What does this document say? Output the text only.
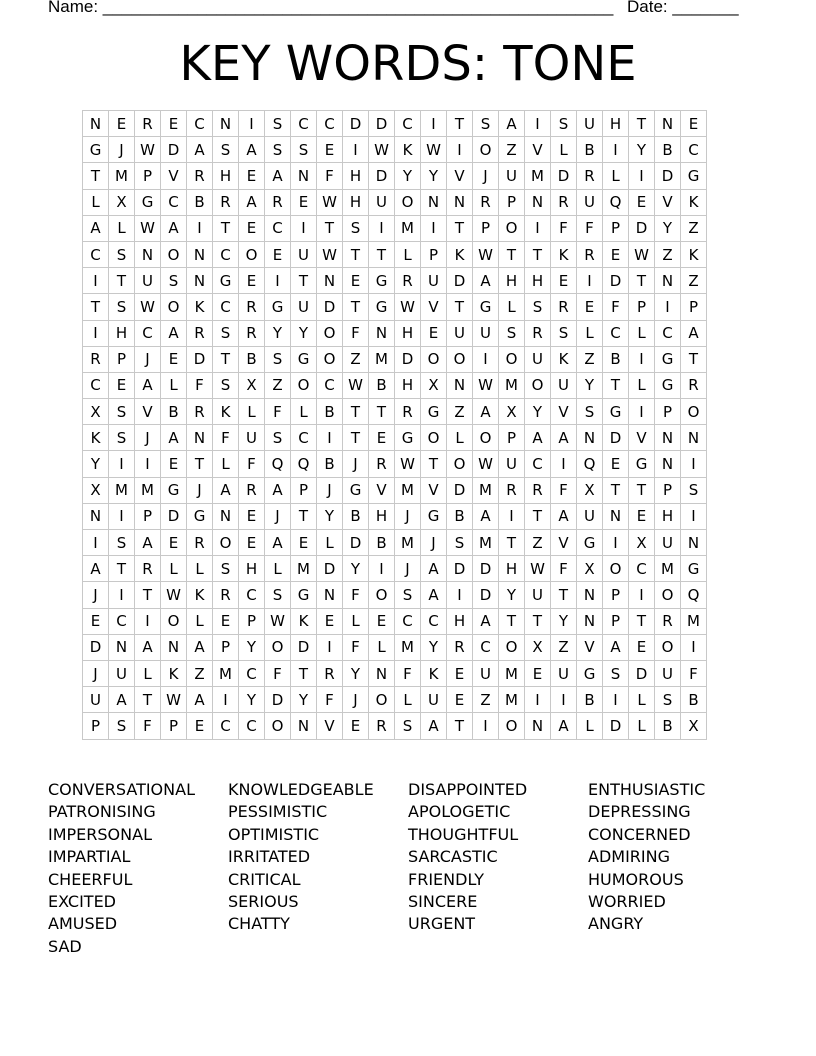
Name: ______________________________________________________ Date: _______
KEY WORDS: TONE
N	E	R	E	C	N	I	S	C	C	D	D	C	I	T	S	A	I	S	U	H	T	N	E
G	J	W	D	A	S	A	S	S	E	I	W	K	W	I	O	Z	V	L	B	I	Y	B	C
T	M	P	V	R	H	E	A	N	F	H	D	Y	Y	V	J	U	M	D	R	L	I	D	G
L	X	G	C	B	R	A	R	E	W	H	U	O	N	N	R	P	N	R	U	Q	E	V	K
A	L	W	A	I	T	E	C	I	T	S	I	M	I	T	P	O	I	F	F	P	D	Y	Z
C	S	N	O	N	C	O	E	U	W	T	T	L	P	K	W	T	T	K	R	E	W	Z	K
I	T	U	S	N	G	E	I	T	N	E	G	R	U	D	A	H	H	E	I	D	T	N	Z
T	S	W	O	K	C	R	G	U	D	T	G	W	V	T	G	L	S	R	E	F	P	I	P
I	H	C	A	R	S	R	Y	Y	O	F	N	H	E	U	U	S	R	S	L	C	L	C	A
R	P	J	E	D	T	B	S	G	O	Z	M	D	O	O	I	O	U	K	Z	B	I	G	T
C	E	A	L	F	S	X	Z	O	C	W	B	H	X	N	W	M	O	U	Y	T	L	G	R
X	S	V	B	R	K	L	F	L	B	T	T	R	G	Z	A	X	Y	V	S	G	I	P	O
K	S	J	A	N	F	U	S	C	I	T	E	G	O	L	O	P	A	A	N	D	V	N	N
Y	I	I	E	T	L	F	Q	Q	B	J	R	W	T	O	W	U	C	I	Q	E	G	N	I
X	M	M	G	J	A	R	A	P	J	G	V	M	V	D	M	R	R	F	X	T	T	P	S
N	I	P	D	G	N	E	J	T	Y	B	H	J	G	B	A	I	T	A	U	N	E	H	I
I	S	A	E	R	O	E	A	E	L	D	B	M	J	S	M	T	Z	V	G	I	X	U	N
A	T	R	L	L	S	H	L	M	D	Y	I	J	A	D	D	H	W	F	X	O	C	M	G
J	I	T	W	K	R	C	S	G	N	F	O	S	A	I	D	Y	U	T	N	P	I	O	Q
E	C	I	O	L	E	P	W	K	E	L	E	C	C	H	A	T	T	Y	N	P	T	R	M
D	N	A	N	A	P	Y	O	D	I	F	L	M	Y	R	C	O	X	Z	V	A	E	O	I
J	U	L	K	Z	M	C	F	T	R	Y	N	F	K	E	U	M	E	U	G	S	D	U	F
U	A	T	W	A	I	Y	D	Y	F	J	O	L	U	E	Z	M	I	I	B	I	L	S	B
P	S	F	P	E	C	C	O	N	V	E	R	S	A	T	I	O	N	A	L	D	L	B	X
CONVERSATIONAL
PATRONISING
IMPERSONAL
IMPARTIAL
CHEERFUL
EXCITED
AMUSED
SAD
KNOWLEDGEABLE
PESSIMISTIC
OPTIMISTIC
IRRITATED
CRITICAL
SERIOUS
CHATTY
DISAPPOINTED
APOLOGETIC
THOUGHTFUL
SARCASTIC
FRIENDLY
SINCERE
URGENT
ENTHUSIASTIC
DEPRESSING
CONCERNED
ADMIRING
HUMOROUS
WORRIED
ANGRY
